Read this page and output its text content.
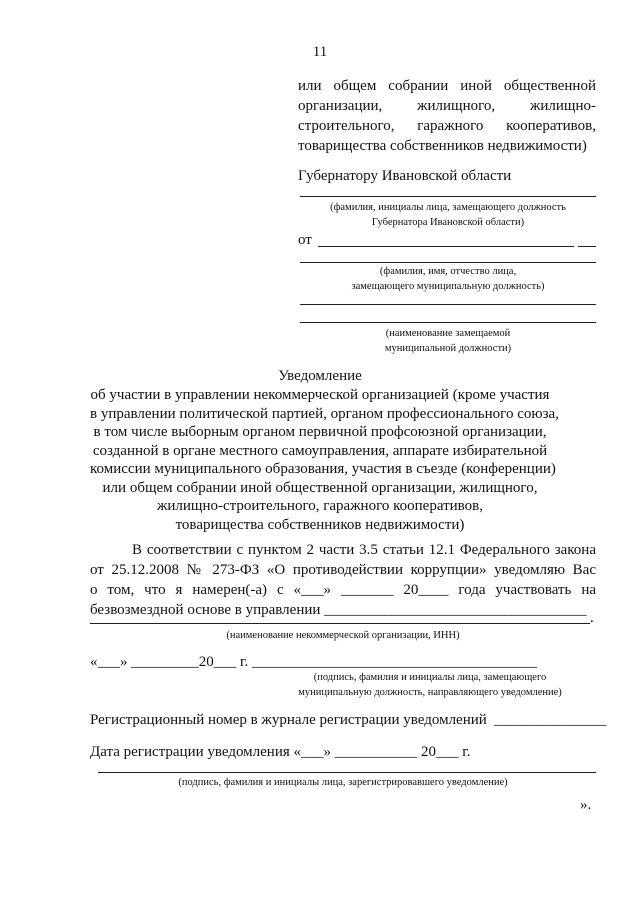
11
или общем собрании иной общественной
организации, жилищного, жилищно-
строительного, гаражного кооперативов,
товарищества собственников недвижимости)
Губернатору Ивановской области
(фамилия, инициалы лица, замещающего должность
Губернатора Ивановской области)
от
(фамилия, имя, отчество лица,
замещающего муниципальную должность)
(наименование замещаемой
муниципальной должности)
Уведомление
об участии в управлении некоммерческой организацией (кроме участия
в управлении политической партией, органом профессионального союза,
в том числе выборным органом первичной профсоюзной организации,
созданной в органе местного самоуправления, аппарате избирательной
комиссии муниципального образования, участия в съезде (конференции)
или общем собрании иной общественной организации, жилищного,
жилищно-строительного, гаражного кооперативов,
товарищества собственников недвижимости)
В соответствии с пунктом 2 части 3.5 статьи 12.1 Федерального закона
от 25.12.2008 № 273-ФЗ «О противодействии коррупции» уведомляю Вас
о том, что я намерен(-а) с «___» _______ 20____ года участвовать на
безвозмездной основе в управлении ___________________________________ .
(наименование некоммерческой организации, ИНН)
«___» _________20___ г. ______________________________________
(подпись, фамилия и инициалы лица, замещающего
муниципальную должность, направляющего уведомление)
Регистрационный номер в журнале регистрации уведомлений _______________
Дата регистрации уведомления «___» ___________ 20___ г.
(подпись, фамилия и инициалы лица, зарегистрировавшего уведомление)
».
